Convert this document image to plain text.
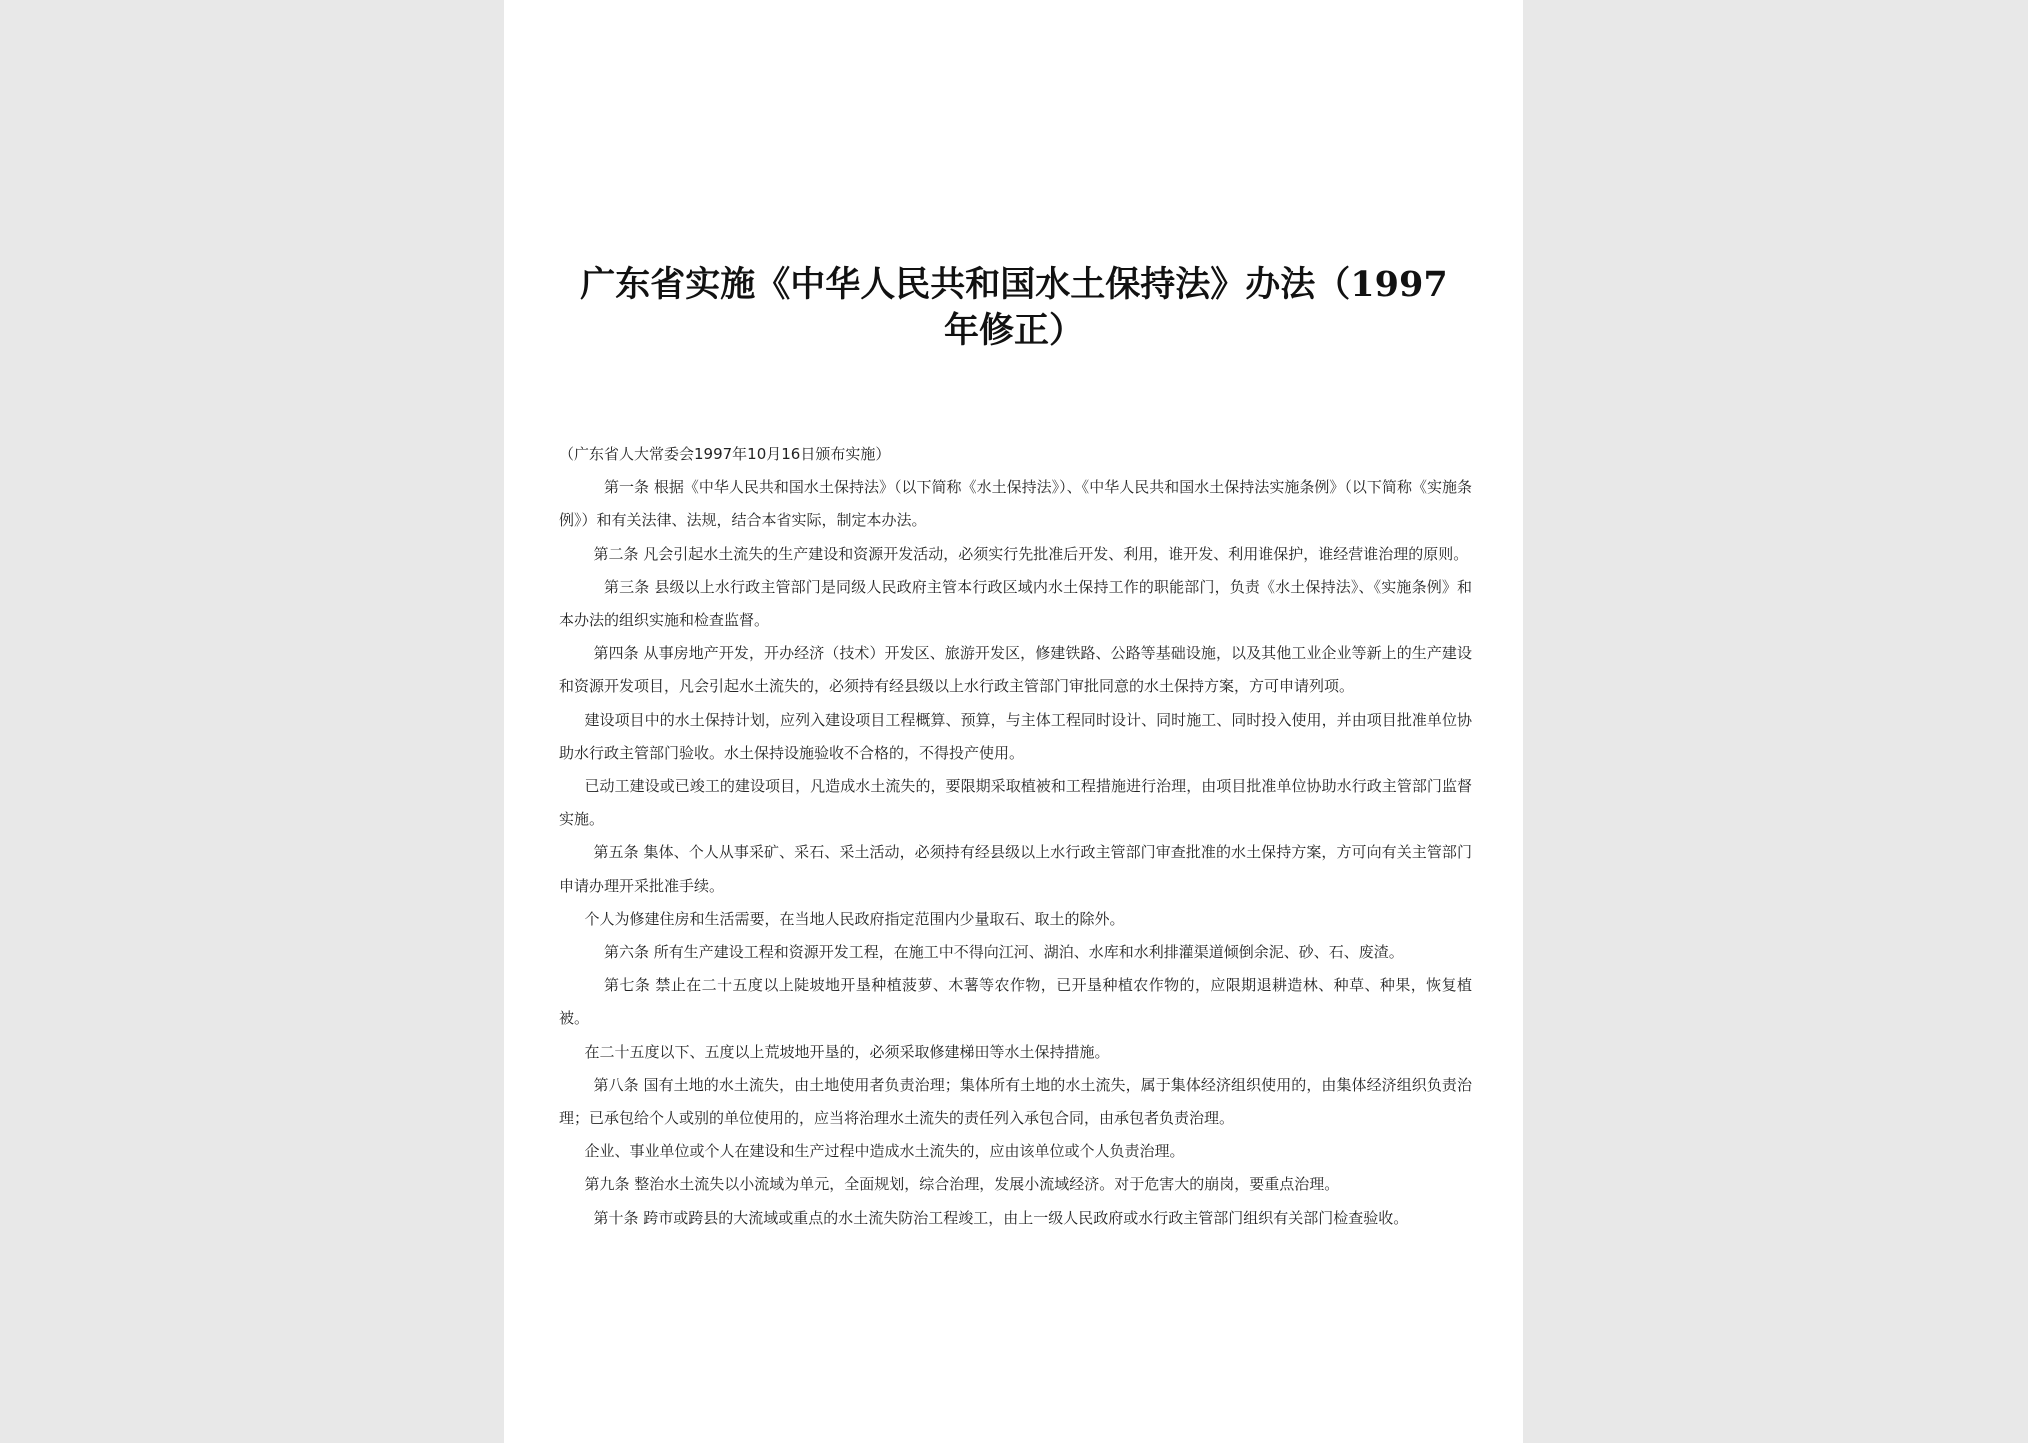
广东省实施《中华人民共和国水土保持法》办法（1997
年修正）

（广东省人大常委会1997年10月16日颁布实施）

第一条 根据《中华人民共和国水土保持法》（以下简称《水土保持法》）、《中华人民共和国水土保持法实施条例》（以下简称《实施条例》）和有关法律、法规，结合本省实际，制定本办法。

第二条 凡会引起水土流失的生产建设和资源开发活动，必须实行先批准后开发、利用，谁开发、利用谁保护，谁经营谁治理的原则。

第三条 县级以上水行政主管部门是同级人民政府主管本行政区域内水土保持工作的职能部门，负责《水土保持法》、《实施条例》和本办法的组织实施和检查监督。

第四条 从事房地产开发，开办经济（技术）开发区、旅游开发区，修建铁路、公路等基础设施，以及其他工业企业等新上的生产建设和资源开发项目，凡会引起水土流失的，必须持有经县级以上水行政主管部门审批同意的水土保持方案，方可申请列项。

建设项目中的水土保持计划，应列入建设项目工程概算、预算，与主体工程同时设计、同时施工、同时投入使用，并由项目批准单位协助水行政主管部门验收。水土保持设施验收不合格的，不得投产使用。

已动工建设或已竣工的建设项目，凡造成水土流失的，要限期采取植被和工程措施进行治理，由项目批准单位协助水行政主管部门监督实施。

第五条 集体、个人从事采矿、采石、采土活动，必须持有经县级以上水行政主管部门审查批准的水土保持方案，方可向有关主管部门申请办理开采批准手续。

个人为修建住房和生活需要，在当地人民政府指定范围内少量取石、取土的除外。

第六条 所有生产建设工程和资源开发工程，在施工中不得向江河、湖泊、水库和水利排灌渠道倾倒余泥、砂、石、废渣。

第七条 禁止在二十五度以上陡坡地开垦种植菠萝、木薯等农作物，已开垦种植农作物的，应限期退耕造林、种草、种果，恢复植被。

在二十五度以下、五度以上荒坡地开垦的，必须采取修建梯田等水土保持措施。

第八条 国有土地的水土流失，由土地使用者负责治理；集体所有土地的水土流失，属于集体经济组织使用的，由集体经济组织负责治理；已承包给个人或别的单位使用的，应当将治理水土流失的责任列入承包合同，由承包者负责治理。

企业、事业单位或个人在建设和生产过程中造成水土流失的，应由该单位或个人负责治理。

第九条 整治水土流失以小流域为单元，全面规划，综合治理，发展小流域经济。对于危害大的崩岗，要重点治理。

第十条 跨市或跨县的大流域或重点的水土流失防治工程竣工，由上一级人民政府或水行政主管部门组织有关部门检查验收。
